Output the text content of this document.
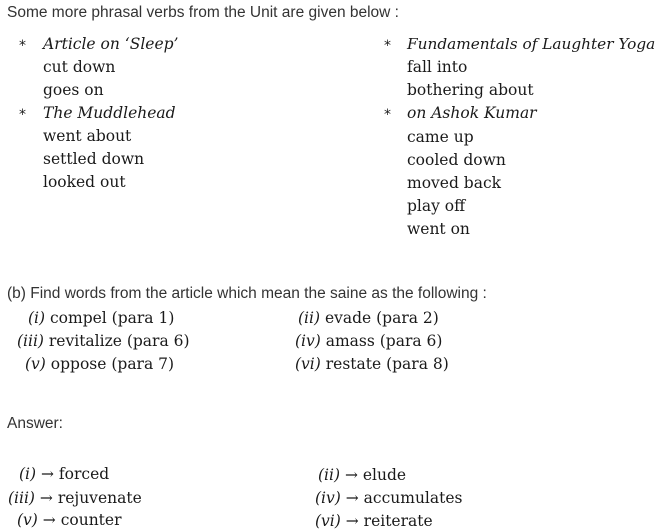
Some more phrasal verbs from the Unit are given below :
* Article on ‘Sleep’
cut down
goes on
* The Muddlehead
went about
settled down
looked out
* Fundamentals of Laughter Yoga
fall into
bothering about
* on Ashok Kumar
came up
cooled down
moved back
play off
went on
(b) Find words from the article which mean the saine as the following :
(i) compel (para 1)	(ii) evade (para 2)
(iii) revitalize (para 6)	(iv) amass (para 6)
(v) oppose (para 7)	(vi) restate (para 8)
Answer:
(i) → forced	(ii) → elude
(iii) → rejuvenate	(iv) → accumulates
(v) → counter	(vi) → reiterate
